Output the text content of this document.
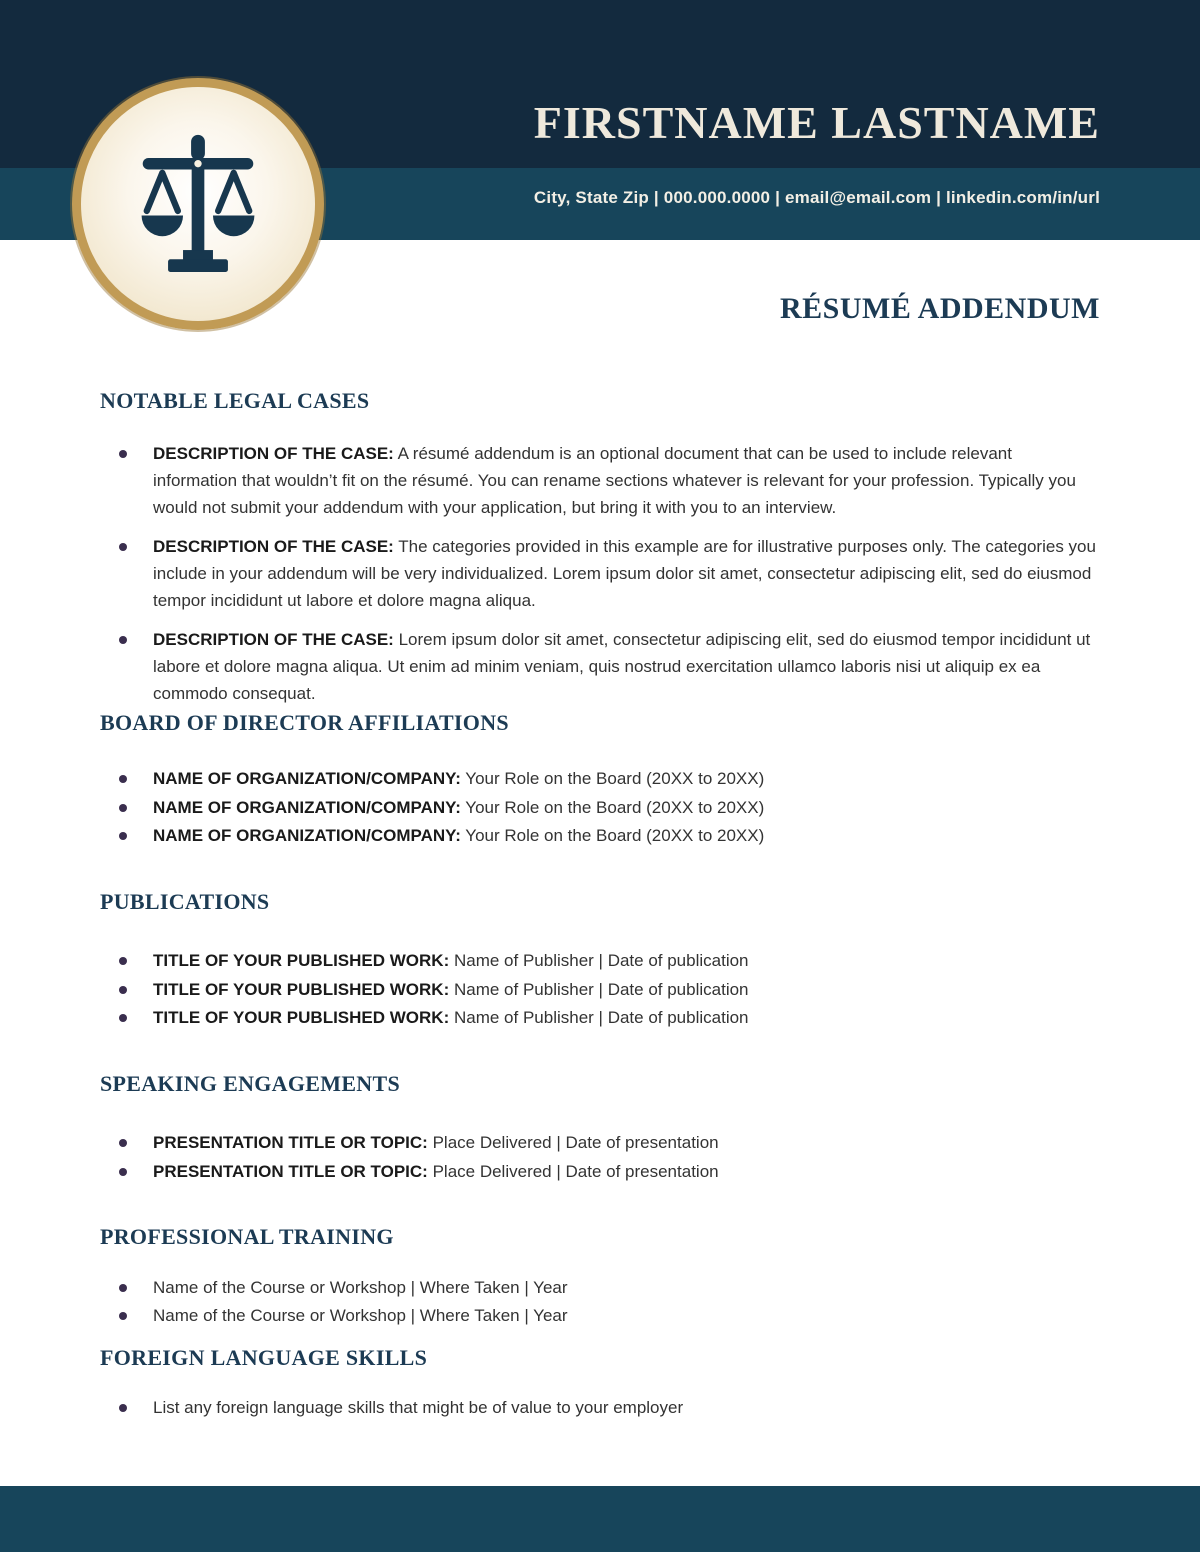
FIRSTNAME LASTNAME
City, State Zip | 000.000.0000 | email@email.com | linkedin.com/in/url
RÉSUMÉ ADDENDUM
NOTABLE LEGAL CASES
DESCRIPTION OF THE CASE: A résumé addendum is an optional document that can be used to include relevant information that wouldn’t fit on the résumé. You can rename sections whatever is relevant for your profession. Typically you would not submit your addendum with your application, but bring it with you to an interview.
DESCRIPTION OF THE CASE: The categories provided in this example are for illustrative purposes only. The categories you include in your addendum will be very individualized. Lorem ipsum dolor sit amet, consectetur adipiscing elit, sed do eiusmod tempor incididunt ut labore et dolore magna aliqua.
DESCRIPTION OF THE CASE: Lorem ipsum dolor sit amet, consectetur adipiscing elit, sed do eiusmod tempor incididunt ut labore et dolore magna aliqua. Ut enim ad minim veniam, quis nostrud exercitation ullamco laboris nisi ut aliquip ex ea commodo consequat.
BOARD OF DIRECTOR AFFILIATIONS
NAME OF ORGANIZATION/COMPANY: Your Role on the Board (20XX to 20XX)
NAME OF ORGANIZATION/COMPANY: Your Role on the Board (20XX to 20XX)
NAME OF ORGANIZATION/COMPANY: Your Role on the Board (20XX to 20XX)
PUBLICATIONS
TITLE OF YOUR PUBLISHED WORK: Name of Publisher | Date of publication
TITLE OF YOUR PUBLISHED WORK: Name of Publisher | Date of publication
TITLE OF YOUR PUBLISHED WORK: Name of Publisher | Date of publication
SPEAKING ENGAGEMENTS
PRESENTATION TITLE OR TOPIC: Place Delivered | Date of presentation
PRESENTATION TITLE OR TOPIC: Place Delivered | Date of presentation
PROFESSIONAL TRAINING
Name of the Course or Workshop | Where Taken | Year
Name of the Course or Workshop | Where Taken | Year
FOREIGN LANGUAGE SKILLS
List any foreign language skills that might be of value to your employer
